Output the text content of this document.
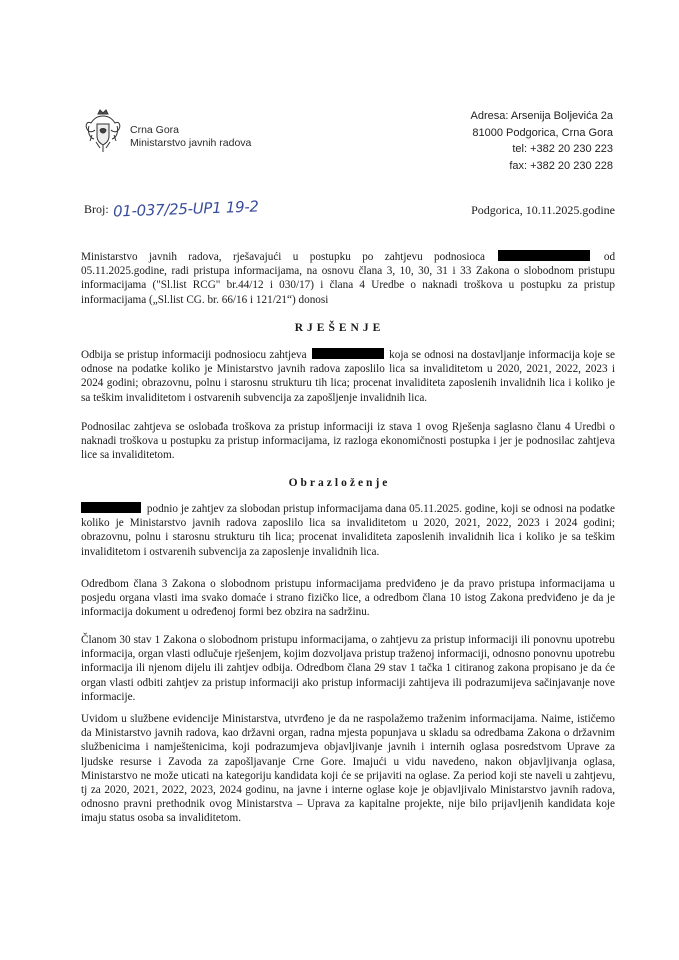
Crna Gora
Ministarstvo javnih radova
Adresa: Arsenija Boljevića 2a
81000 Podgorica, Crna Gora
tel: +382 20 230 223
fax: +382 20 230 228
Broj: 01-037/25-UP1 19-2	Podgorica, 10.11.2025.godine

Ministarstvo javnih radova, rješavajući u postupku po zahtjevu podnosioca	od 05.11.2025.godine, radi pristupa informacijama, na osnovu člana 3, 10, 30, 31 i 33 Zakona o slobodnom pristupu informacijama ("Sl.list RCG" br.44/12 i 030/17) i člana 4 Uredbe o naknadi troškova u postupku za pristup informacijama („Sl.list CG. br. 66/16 i 121/21“) donosi

RJEŠENJE

Odbija se pristup informaciji podnosiocu zahtjeva	koja se odnosi na dostavljanje informacija koje se odnose na podatke koliko je Ministarstvo javnih radova zaposlilo lica sa invaliditetom u 2020, 2021, 2022, 2023 i 2024 godini; obrazovnu, polnu i starosnu strukturu tih lica; procenat invaliditeta zaposlenih invalidnih lica i koliko je sa teškim invaliditetom i ostvarenih subvencija za zapošljenje invalidnih lica.

Podnosilac zahtjeva se oslobađa troškova za pristup informaciji iz stava 1 ovog Rješenja saglasno članu 4 Uredbi o naknadi troškova u postupku za pristup informacijama, iz razloga ekonomičnosti postupka i jer je podnosilac zahtjeva lice sa invaliditetom.

Obrazloženje

podnio je zahtjev za slobodan pristup informacijama dana 05.11.2025. godine, koji se odnosi na podatke koliko je Ministarstvo javnih radova zaposlilo lica sa invaliditetom u 2020, 2021, 2022, 2023 i 2024 godini; obrazovnu, polnu i starosnu strukturu tih lica; procenat invaliditeta zaposlenih invalidnih lica i koliko je sa teškim invaliditetom i ostvarenih subvencija za zaposlenje invalidnih lica.

Odredbom člana 3 Zakona o slobodnom pristupu informacijama predviđeno je da pravo pristupa informacijama u posjedu organa vlasti ima svako domaće i strano fizičko lice, a odredbom člana 10 istog Zakona predviđeno je da je informacija dokument u određenoj formi bez obzira na sadržinu.

Članom 30 stav 1 Zakona o slobodnom pristupu informacijama, o zahtjevu za pristup informaciji ili ponovnu upotrebu informacija, organ vlasti odlučuje rješenjem, kojim dozvoljava pristup traženoj informaciji, odnosno ponovnu upotrebu informacija ili njenom dijelu ili zahtjev odbija. Odredbom člana 29 stav 1 tačka 1 citiranog zakona propisano je da će organ vlasti odbiti zahtjev za pristup informaciji ako pristup informaciji zahtijeva ili podrazumijeva sačinjavanje nove informacije.

Uvidom u službene evidencije Ministarstva, utvrđeno je da ne raspolažemo traženim informacijama. Naime, ističemo da Ministarstvo javnih radova, kao državni organ, radna mjesta popunjava u skladu sa odredbama Zakona o državnim službenicima i namještenicima, koji podrazumjeva objavljivanje javnih i internih oglasa posredstvom Uprave za ljudske resurse i Zavoda za zapošljavanje Crne Gore. Imajući u vidu navedeno, nakon objavljivanja oglasa, Ministarstvo ne može uticati na kategoriju kandidata koji će se prijaviti na oglase. Za period koji ste naveli u zahtjevu, tj za 2020, 2021, 2022, 2023, 2024 godinu, na javne i interne oglase koje je objavljivalo Ministarstvo javnih radova, odnosno pravni prethodnik ovog Ministarstva – Uprava za kapitalne projekte, nije bilo prijavljenih kandidata koje imaju status osoba sa invaliditetom.
